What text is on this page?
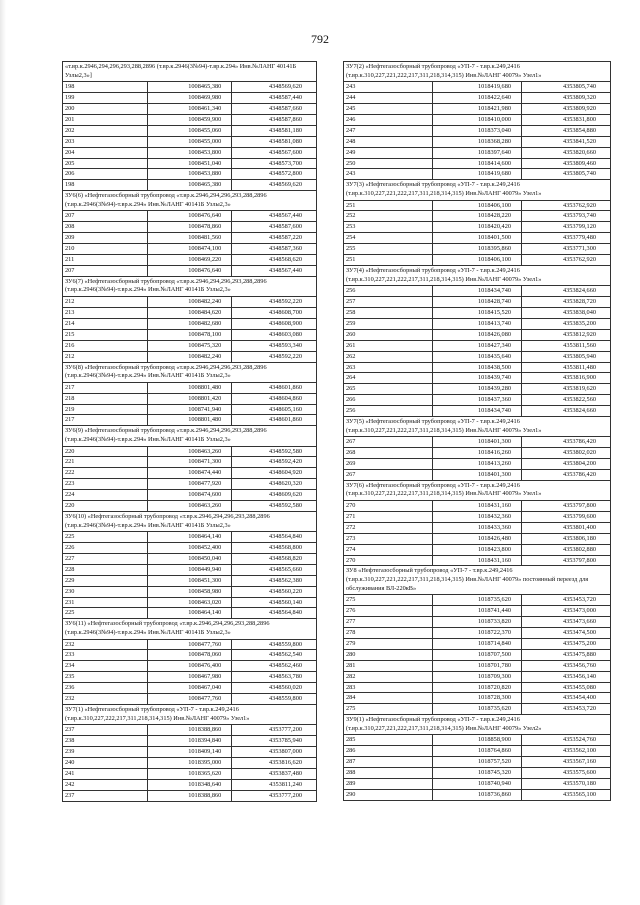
792
«т.вр.к.2946,294,296,293,288,2896 (т.вр.к.2946(3№94)-т.вр.к.294» Инв.№ЛАНГ 40141Б Узлы2,3»]		
198	1008465,380	4348569,620
199	1008469,980	4348587,440
200	1008461,340	4348587,660
201	1008459,900	4348587,860
202	1008455,060	4348581,180
203	1008455,000	4348581,080
204	1008453,800	4348567,600
205	1008451,040	4348573,700
206	1008453,880	4348572,800
198	1008465,380	4348569,620
ЗУ6(6) «Нефтегазосборный трубопровод «т.вр.к.2946,294,296,293,288,2896 (т.вр.к.2946(3№94)-т.вр.к.294» Инв.№ЛАНГ 40141Б Узлы2,3»		
207	1008476,640	4348567,440
208	1008478,860	4348587,600
209	1008481,560	4348587,220
210	1008474,100	4348587,360
211	1008469,220	4348568,620
207	1008476,640	4348567,440
ЗУ6(7) «Нефтегазосборный трубопровод «т.вр.к.2946,294,296,293,288,2896 (т.вр.к.2946(3№94)-т.вр.к.294» Инв.№ЛАНГ 40141Б Узлы2,3»		
212	1008482,240	4348592,220
213	1008484,620	4348608,700
214	1008482,680	4348608,900
215	1008478,100	4348603,080
216	1008475,320	4348593,340
212	1008482,240	4348592,220
ЗУ6(8) «Нефтегазосборный трубопровод «т.вр.к.2946,294,296,293,288,2896 (т.вр.к.2946(3№94)-т.вр.к.294» Инв.№ЛАНГ 40141Б Узлы2,3»		
217	1008801,480	4348601,860
218	1008801,420	4348604,860
219	1008741,940	4348605,160
217	1008801,480	4348601,860
ЗУ6(9) «Нефтегазосборный трубопровод «т.вр.к.2946,294,296,293,288,2896 (т.вр.к.2946(3№94)-т.вр.к.294» Инв.№ЛАНГ 40141Б Узлы2,3»		
220	1008463,260	4348592,580
221	1008471,300	4348592,420
222	1008474,440	4348604,920
223	1008477,920	4348620,320
224	1008474,600	4348609,620
220	1008463,260	4348592,580
ЗУ6(10) «Нефтегазосборный трубопровод «т.вр.к.2946,294,296,293,288,2896 (т.вр.к.2946(3№94)-т.вр.к.294» Инв.№ЛАНГ 40141Б Узлы2,3»		
225	1008464,140	4348564,840
226	1008452,400	4348568,800
227	1008450,040	4348568,820
228	1008449,940	4348565,660
229	1008451,300	4348562,380
230	1008458,980	4348560,220
231	1008463,020	4348560,140
225	1008464,140	4348564,840
ЗУ6(11) «Нефтегазосборный трубопровод «т.вр.к.2946,294,296,293,288,2896 (т.вр.к.2946(3№94)-т.вр.к.294» Инв.№ЛАНГ 40141Б Узлы2,3»		
232	1008477,760	4348559,800
233	1008478,060	4348562,540
234	1008476,400	4348562,460
235	1008467,980	4348563,780
236	1008467,040	4348560,020
232	1008477,760	4348559,800
ЗУ7(1) «Нефтегазосборный трубопровод «УП-7 - т.вр.к.249,2416 (т.вр.к.310,227,222,217,311,218,314,315) Инв.№ЛАНГ 40079» Узел1»		
237	1018388,860	4353777,200
238	1018394,840	4353785,940
239	1018409,140	4353807,000
240	1018395,000	4353816,620
241	1018365,620	4353837,480
242	1018348,640	4353811,240
237	1018388,860	4353777,200
ЗУ7(2) «Нефтегазосборный трубопровод «УП-7 - т.вр.к.249,2416 (т.вр.к.310,227,221,222,217,311,218,314,315) Инв.№ЛАНГ 40079» Узел1»		
243	1018419,680	4353805,740
244	1018422,640	4353809,320
245	1018421,980	4353809,920
246	1018410,000	4353831,800
247	1018373,040	4353854,880
248	1018368,280	4353841,520
249	1018397,640	4353820,660
250	1018414,600	4353809,460
243	1018419,680	4353805,740
ЗУ7(3) «Нефтегазосборный трубопровод «УП-7 - т.вр.к.249,2416 (т.вр.к.310,227,221,222,217,311,218,314,315) Инв.№ЛАНГ 40079» Узел1»		
251	1018406,100	4353762,920
252	1018428,220	4353793,740
253	1018420,420	4353799,120
254	1018401,500	4353779,480
255	1018395,860	4353771,300
251	1018406,100	4353762,920
ЗУ7(4) «Нефтегазосборный трубопровод «УП-7 - т.вр.к.249,2416 (т.вр.к.310,227,221,222,217,311,218,314,315) Инв.№ЛАНГ 40079» Узел1»		
256	1018434,740	4353824,660
257	1018428,740	4353828,720
258	1018415,520	4353838,040
259	1018413,740	4353835,200
260	1018426,080	4353812,920
261	1018427,340	4353811,560
262	1018435,640	4353805,940
263	1018438,500	4353811,480
264	1018439,740	4353816,900
265	1018439,280	4353819,620
266	1018437,360	4353822,560
256	1018434,740	4353824,660
ЗУ7(5) «Нефтегазосборный трубопровод «УП-7 - т.вр.к.249,2416 (т.вр.к.310,227,221,222,217,311,218,314,315) Инв.№ЛАНГ 40079» Узел1»		
267	1018401,300	4353786,420
268	1018416,260	4353802,020
269	1018413,260	4353804,200
267	1018401,300	4353786,420
ЗУ7(6) «Нефтегазосборный трубопровод «УП-7 - т.вр.к.249,2416 (т.вр.к.310,227,221,222,217,311,218,314,315) Инв.№ЛАНГ 40079» Узел1»		
270	1018431,160	4353797,800
271	1018432,360	4353799,600
272	1018433,360	4353801,400
273	1018426,480	4353806,180
274	1018423,800	4353802,880
270	1018431,160	4353797,800
ЗУ8 «Нефтегазосборный трубопровод «УП-7 - т.вр.к.249,2416 (т.вр.к.310,227,221,222,217,311,218,314,315) Инв.№ЛАНГ 40079» постоянный переезд для обслуживания ВЛ-220кВ»		
275	1018735,620	4353453,720
276	1018741,440	4353473,000
277	1018733,820	4353473,660
278	1018722,370	4353474,500
279	1018714,840	4353475,200
280	1018707,500	4353475,880
281	1018701,780	4353456,760
282	1018709,300	4353456,140
283	1018720,820	4353455,080
284	1018728,300	4353454,400
275	1018735,620	4353453,720
ЗУ9(1) «Нефтегазосборный трубопровод «УП-7 - т.вр.к.249,2416 (т.вр.к.310,227,221,222,217,311,218,314,315) Инв.№ЛАНГ 40079» Узел2»		
285	1018858,900	4353524,760
286	1018764,860	4353562,100
287	1018757,520	4353567,160
288	1018745,320	4353575,600
289	1018740,940	4353570,180
290	1018736,860	4353565,100
